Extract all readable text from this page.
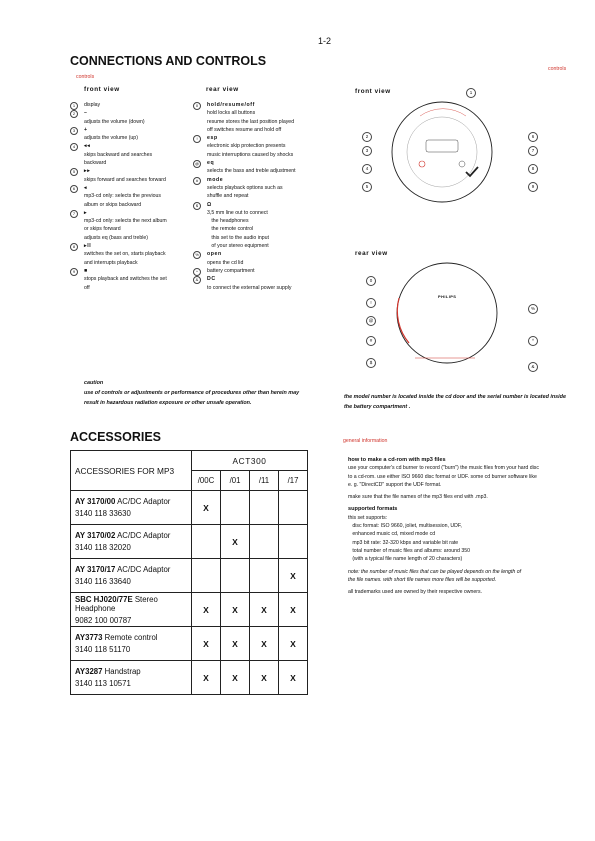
1-2
CONNECTIONS AND CONTROLS
controls
controls
front view
1	display
2	–
adjusts the volume (down)
3	+
adjusts the volume (up)
4	◂◂
skips backward and searches
backward
5	▸▸
skips forward and searches forward
6	◂
mp3-cd only: selects the previous
album or skips backward
7	▸
mp3-cd only: selects the next album
or skips forward
adjusts eq (bass and treble)
8	▸II
switches the set on, starts playback
and interrupts playback
9	■
stops playback and switches the set
off
rear view
0	hold/resume/off
hold locks all buttons
resume stores the last position played
off switches resume and hold off
!	esp
electronic skip protection presents
music interruptions caused by shocks
@	eq
selects the bass and treble adjustment
#	mode
selects playback options such as
shuffle and repeat
$	Ω
3,5 mm line out to connect
the headphones
the remote control
this set to the audio input
of your stereo equipment
%	open
opens the cd lid
^	battery compartment
&	DC
to connect the external power supply
front view	1
2
3
4
5
6
7
8
9
rear view
PHILIPS
0
!
@
#
$
%
^
&
caution
use of controls or adjustments or performance of procedures other than herein may
result in hazardous radiation exposure or other unsafe operation.
the model number is located inside the cd door and the serial number is located inside
the battery compartment .
ACCESSORIES
ACCESSORIES FOR MP3	ACT300			
	/00C	/01	/11	/17

AY 3170/00 AC/DC Adaptor
3140 118 33630	X			

AY 3170/02 AC/DC Adaptor
3140 118 32020		X		

AY 3170/17 AC/DC Adaptor
3140 116 33640				X

SBC HJ020/77E Stereo Headphone
9082 100 00787	X	X	X	X

AY3773 Remote control
3140 118 51170	X	X	X	X

AY3287 Handstrap
3140 113 10571	X	X	X	X
general information

how to make a cd-rom with mp3 files

use your computer's cd burner to record ("burn") the music files from your hard disc
to a cd-rom. use either ISO 9660 disc format or UDF. some cd burner software like
e. g. "DirectCD" support the UDF format.

make sure that the file names of the mp3 files end with .mp3.

supported formats

this set supports:
disc format: ISO 9660, joliet, multisession, UDF,
enhanced music cd, mixed mode cd
mp3 bit rate: 32-320 kbps and variable bit rate
total number of music files and albums: around 350
(with a typical file name length of 20 characters)
note: the number of music files that can be played depends on the length of
the file names. with short file names more files will be supported.

all trademarks used are owned by their respective owners.
